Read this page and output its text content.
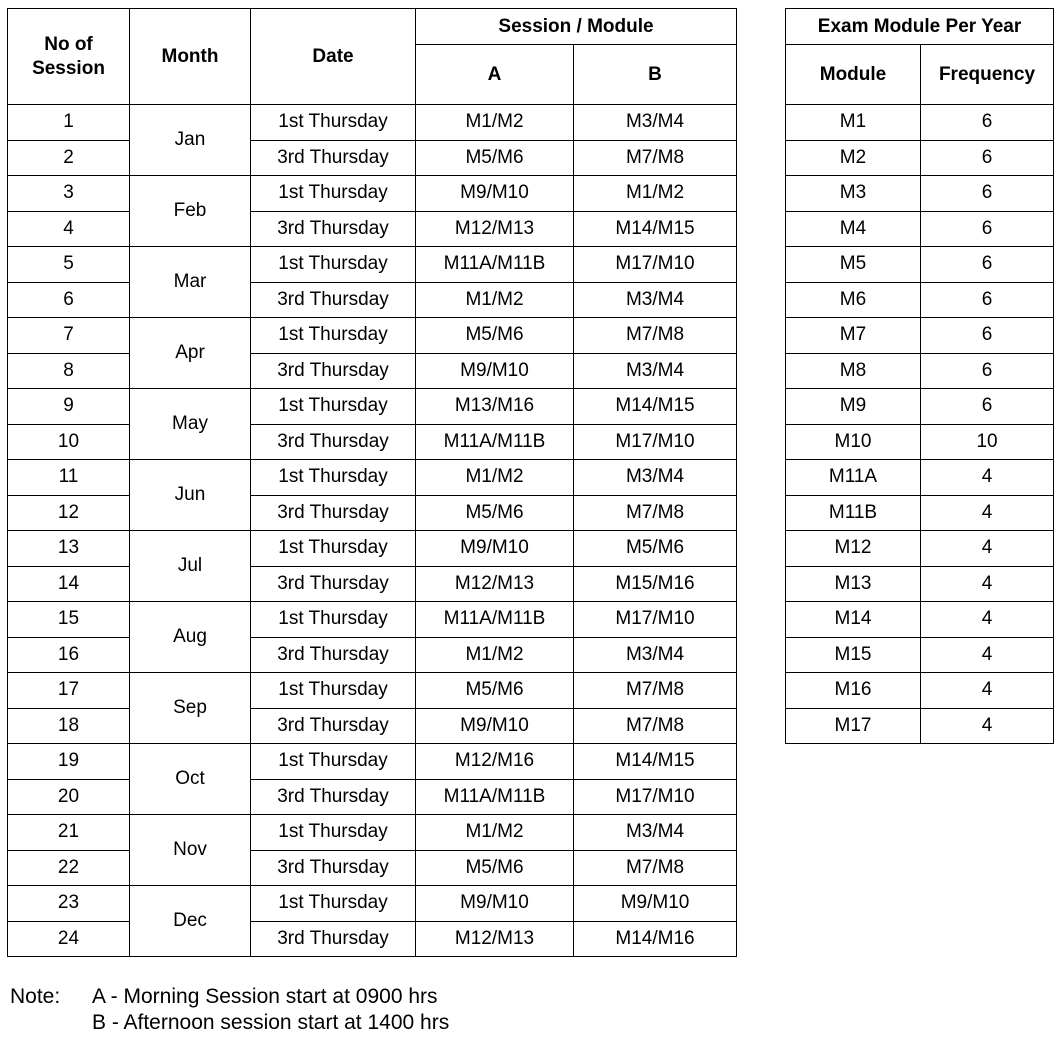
No of Session	Month	Date	Session / Module	
			A	B
1	Jan	1st Thursday	M1/M2	M3/M4
2		3rd Thursday	M5/M6	M7/M8
3	Feb	1st Thursday	M9/M10	M1/M2
4		3rd Thursday	M12/M13	M14/M15
5	Mar	1st Thursday	M11A/M11B	M17/M10
6		3rd Thursday	M1/M2	M3/M4
7	Apr	1st Thursday	M5/M6	M7/M8
8		3rd Thursday	M9/M10	M3/M4
9	May	1st Thursday	M13/M16	M14/M15
10		3rd Thursday	M11A/M11B	M17/M10
11	Jun	1st Thursday	M1/M2	M3/M4
12		3rd Thursday	M5/M6	M7/M8
13	Jul	1st Thursday	M9/M10	M5/M6
14		3rd Thursday	M12/M13	M15/M16
15	Aug	1st Thursday	M11A/M11B	M17/M10
16		3rd Thursday	M1/M2	M3/M4
17	Sep	1st Thursday	M5/M6	M7/M8
18		3rd Thursday	M9/M10	M7/M8
19	Oct	1st Thursday	M12/M16	M14/M15
20		3rd Thursday	M11A/M11B	M17/M10
21	Nov	1st Thursday	M1/M2	M3/M4
22		3rd Thursday	M5/M6	M7/M8
23	Dec	1st Thursday	M9/M10	M9/M10
24		3rd Thursday	M12/M13	M14/M16
Exam Module Per Year	
Module	Frequency
M1	6
M2	6
M3	6
M4	6
M5	6
M6	6
M7	6
M8	6
M9	6
M10	10
M11A	4
M11B	4
M12	4
M13	4
M14	4
M15	4
M16	4
M17	4
Note:	A - Morning Session start at 0900 hrs
B - Afternoon session start at 1400 hrs
